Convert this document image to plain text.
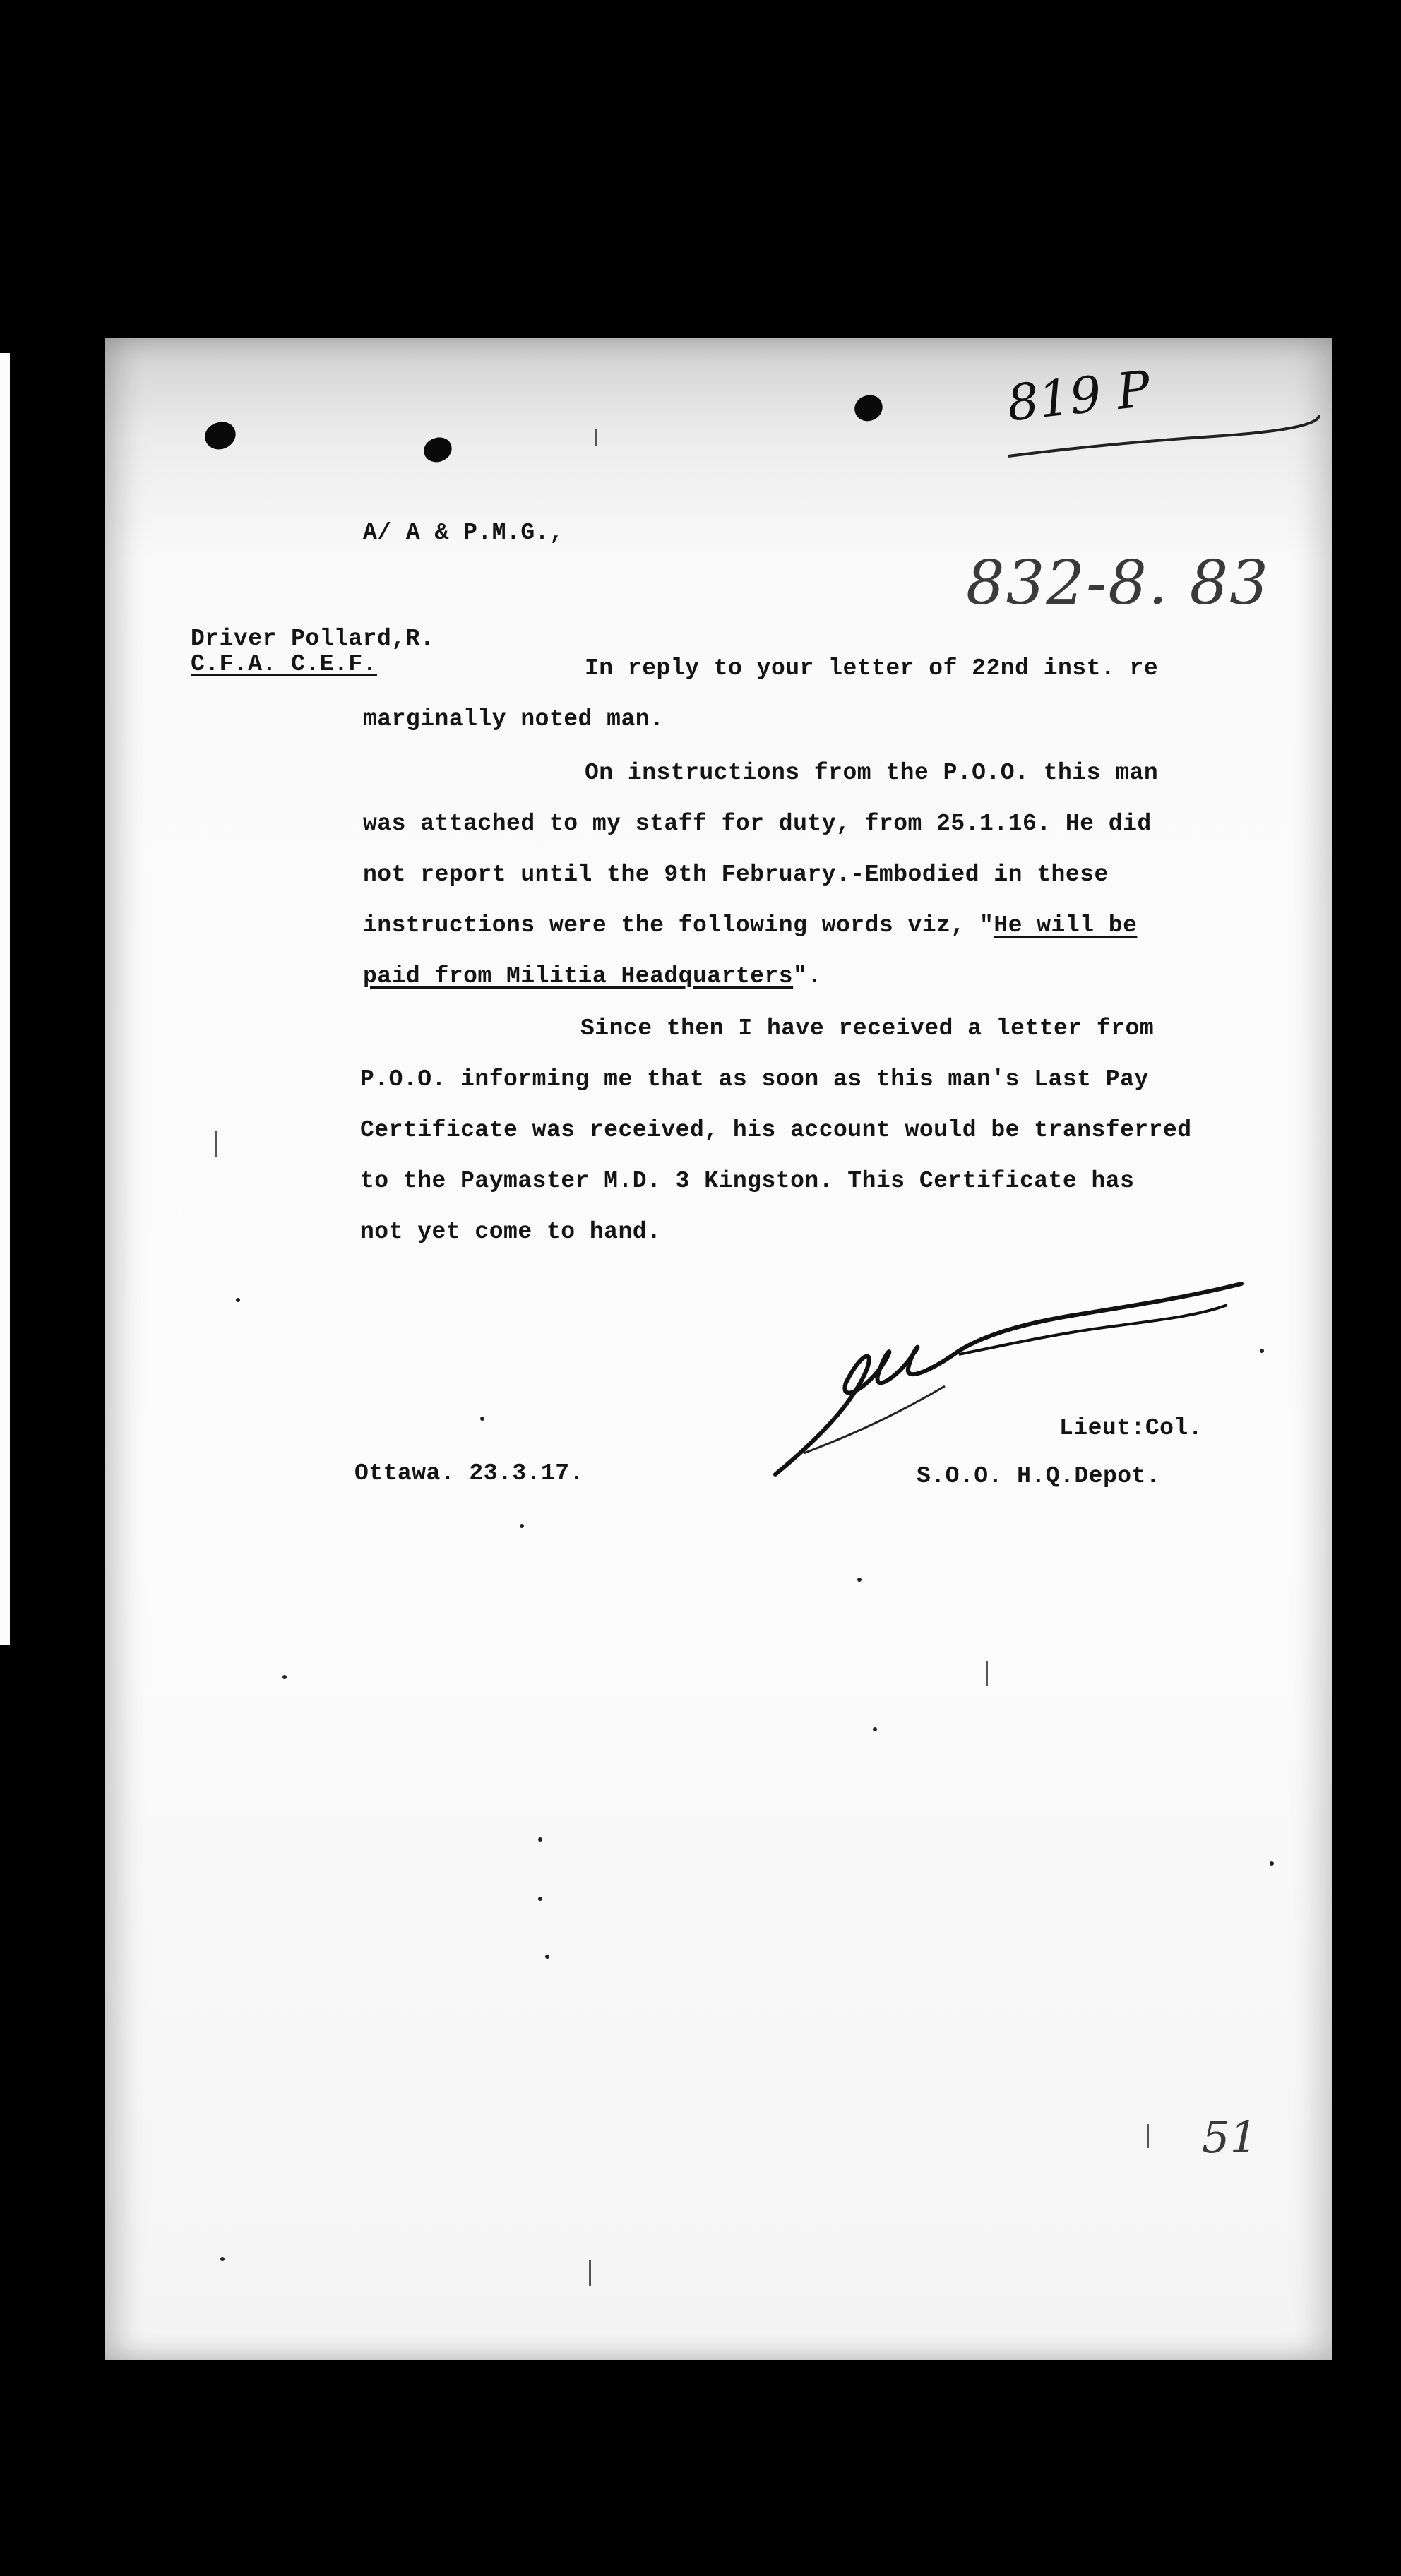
819 P
A/ A & P.M.G.,
832-8. 83
Driver Pollard,R.
C.F.A. C.E.F.	In reply to your letter of 22nd inst. re
marginally noted man.
On instructions from the P.O.O. this man
was attached to my staff for duty, from 25.1.16. He did
not report until the 9th February.-Embodied in these
instructions were the following words viz, "He will be
paid from Militia Headquarters".
Since then I have received a letter from
P.O.O. informing me that as soon as this man's Last Pay
Certificate was received, his account would be transferred
to the Paymaster M.D. 3 Kingston. This Certificate has
not yet come to hand.
Lieut:Col.
Ottawa. 23.3.17.	S.O.O. H.Q.Depot.
51
